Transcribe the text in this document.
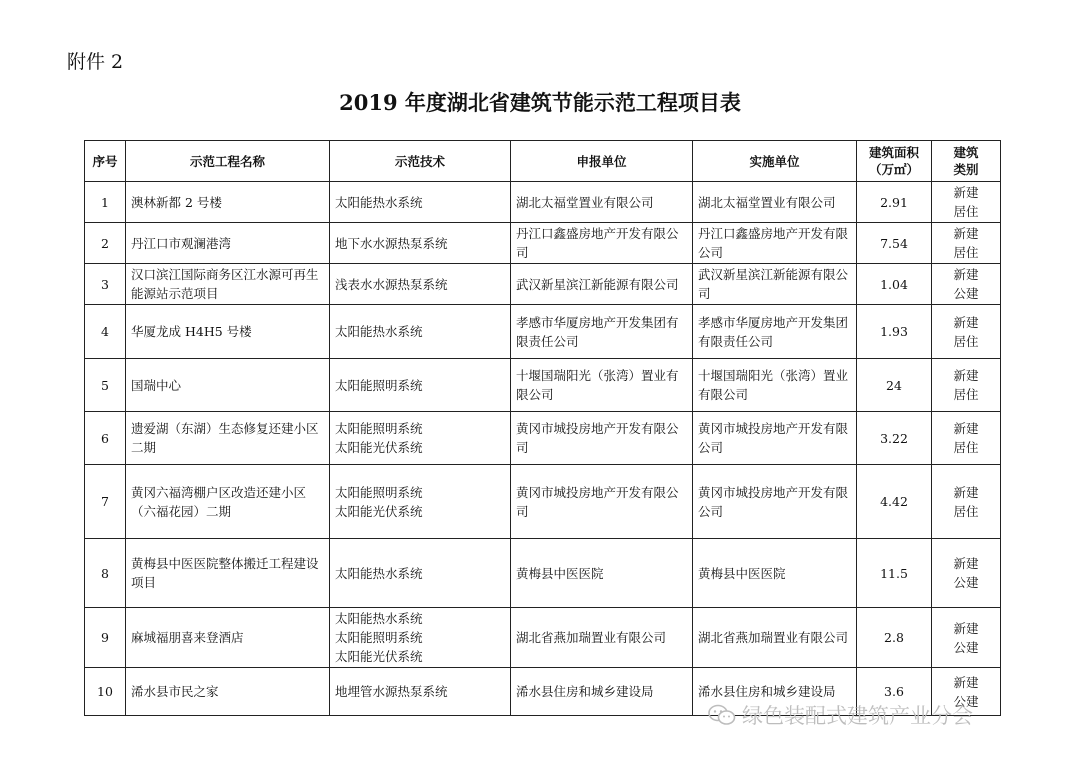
附件 2
2019 年度湖北省建筑节能示范工程项目表
序号	示范工程名称	示范技术	申报单位	实施单位	建筑面积
（万㎡）	建筑
类别
1	澳林新都 2 号楼	太阳能热水系统	湖北太福堂置业有限公司	湖北太福堂置业有限公司	2.91	新建
居住
2	丹江口市观澜港湾	地下水水源热泵系统	丹江口鑫盛房地产开发有限公司	丹江口鑫盛房地产开发有限公司	7.54	新建
居住
3	汉口滨江国际商务区江水源可再生能源站示范项目	浅表水水源热泵系统	武汉新星滨江新能源有限公司	武汉新星滨江新能源有限公司	1.04	新建
公建
4	华厦龙成 H4H5 号楼	太阳能热水系统	孝感市华厦房地产开发集团有限责任公司	孝感市华厦房地产开发集团有限责任公司	1.93	新建
居住
5	国瑞中心	太阳能照明系统	十堰国瑞阳光（张湾）置业有限公司	十堰国瑞阳光（张湾）置业有限公司	24	新建
居住
6	遗爱湖（东湖）生态修复还建小区二期	太阳能照明系统
太阳能光伏系统	黄冈市城投房地产开发有限公司	黄冈市城投房地产开发有限公司	3.22	新建
居住
7	黄冈六福湾棚户区改造还建小区（六福花园）二期	太阳能照明系统
太阳能光伏系统	黄冈市城投房地产开发有限公司	黄冈市城投房地产开发有限公司	4.42	新建
居住
8	黄梅县中医医院整体搬迁工程建设项目	太阳能热水系统	黄梅县中医医院	黄梅县中医医院	11.5	新建
公建
9	麻城福朋喜来登酒店	太阳能热水系统
太阳能照明系统
太阳能光伏系统	湖北省燕加瑞置业有限公司	湖北省燕加瑞置业有限公司	2.8	新建
公建
10	浠水县市民之家	地埋管水源热泵系统	浠水县住房和城乡建设局	浠水县住房和城乡建设局	3.6	新建
公建
绿色装配式建筑产业分会
